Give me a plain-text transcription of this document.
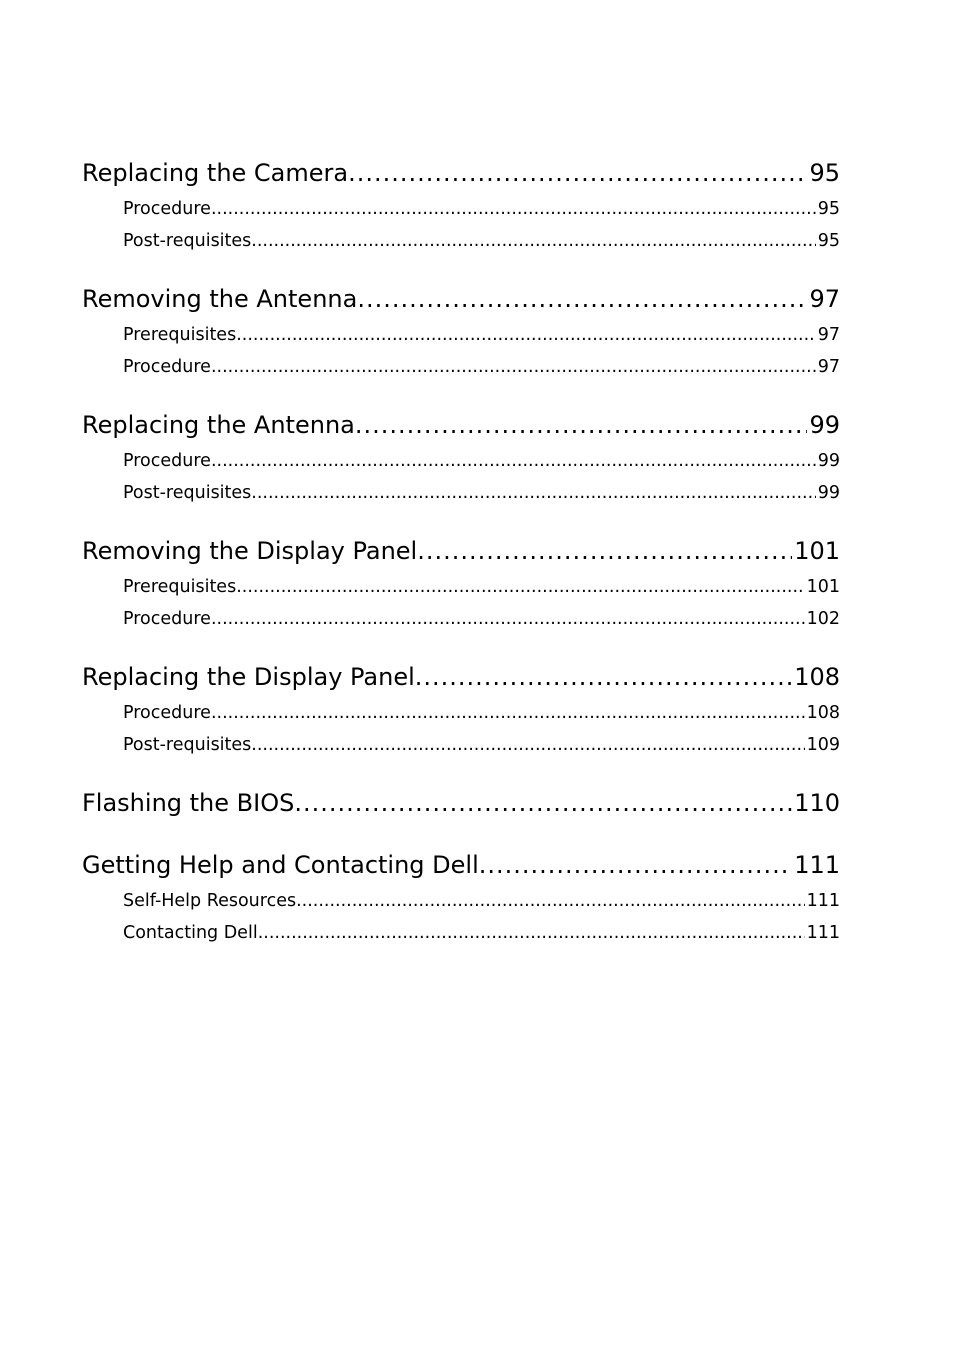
Replacing the Camera .....	95
Procedure .....	95
Post-requisites .....	95
Removing the Antenna .....	97
Prerequisites .....	97
Procedure .....	97
Replacing the Antenna .....	99
Procedure .....	99
Post-requisites .....	99
Removing the Display Panel .....	101
Prerequisites .....	101
Procedure .....	102
Replacing the Display Panel .....	108
Procedure .....	108
Post-requisites .....	109
Flashing the BIOS .....	110
Getting Help and Contacting Dell .....	111
Self-Help Resources .....	111
Contacting Dell .....	111
